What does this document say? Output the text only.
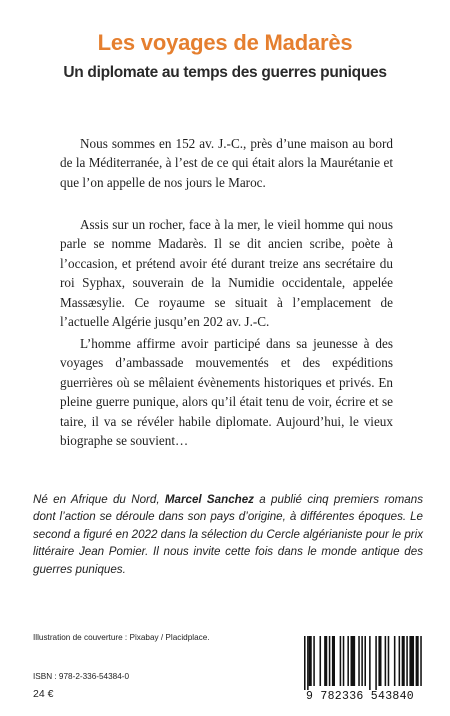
Les voyages de Madarès
Un diplomate au temps des guerres puniques
Nous sommes en 152 av. J.-C., près d’une maison au bord de la Méditerranée, à l’est de ce qui était alors la Maurétanie et que l’on appelle de nos jours le Maroc.
Assis sur un rocher, face à la mer, le vieil homme qui nous parle se nomme Madarès. Il se dit ancien scribe, poète à l’occasion, et prétend avoir été durant treize ans secrétaire du roi Syphax, souverain de la Numidie occidentale, appelée Massæsylie. Ce royaume se situait à l’emplacement de l’actuelle Algérie jusqu’en 202 av. J.-C.
L’homme affirme avoir participé dans sa jeunesse à des voyages d’ambassade mouvementés et des expéditions guerrières où se mêlaient évènements historiques et privés. En pleine guerre punique, alors qu’il était tenu de voir, écrire et se taire, il va se révéler habile diplomate. Aujourd’hui, le vieux biographe se souvient…
Né en Afrique du Nord, Marcel Sanchez a publié cinq premiers romans dont l’action se déroule dans son pays d’origine, à différentes époques. Le second a figuré en 2022 dans la sélection du Cercle algérianiste pour le prix littéraire Jean Pomier. Il nous invite cette fois dans le monde antique des guerres puniques.
Illustration de couverture : Pixabay / Placidplace.
ISBN : 978-2-336-54384-0
24 €	9 782336 543840
